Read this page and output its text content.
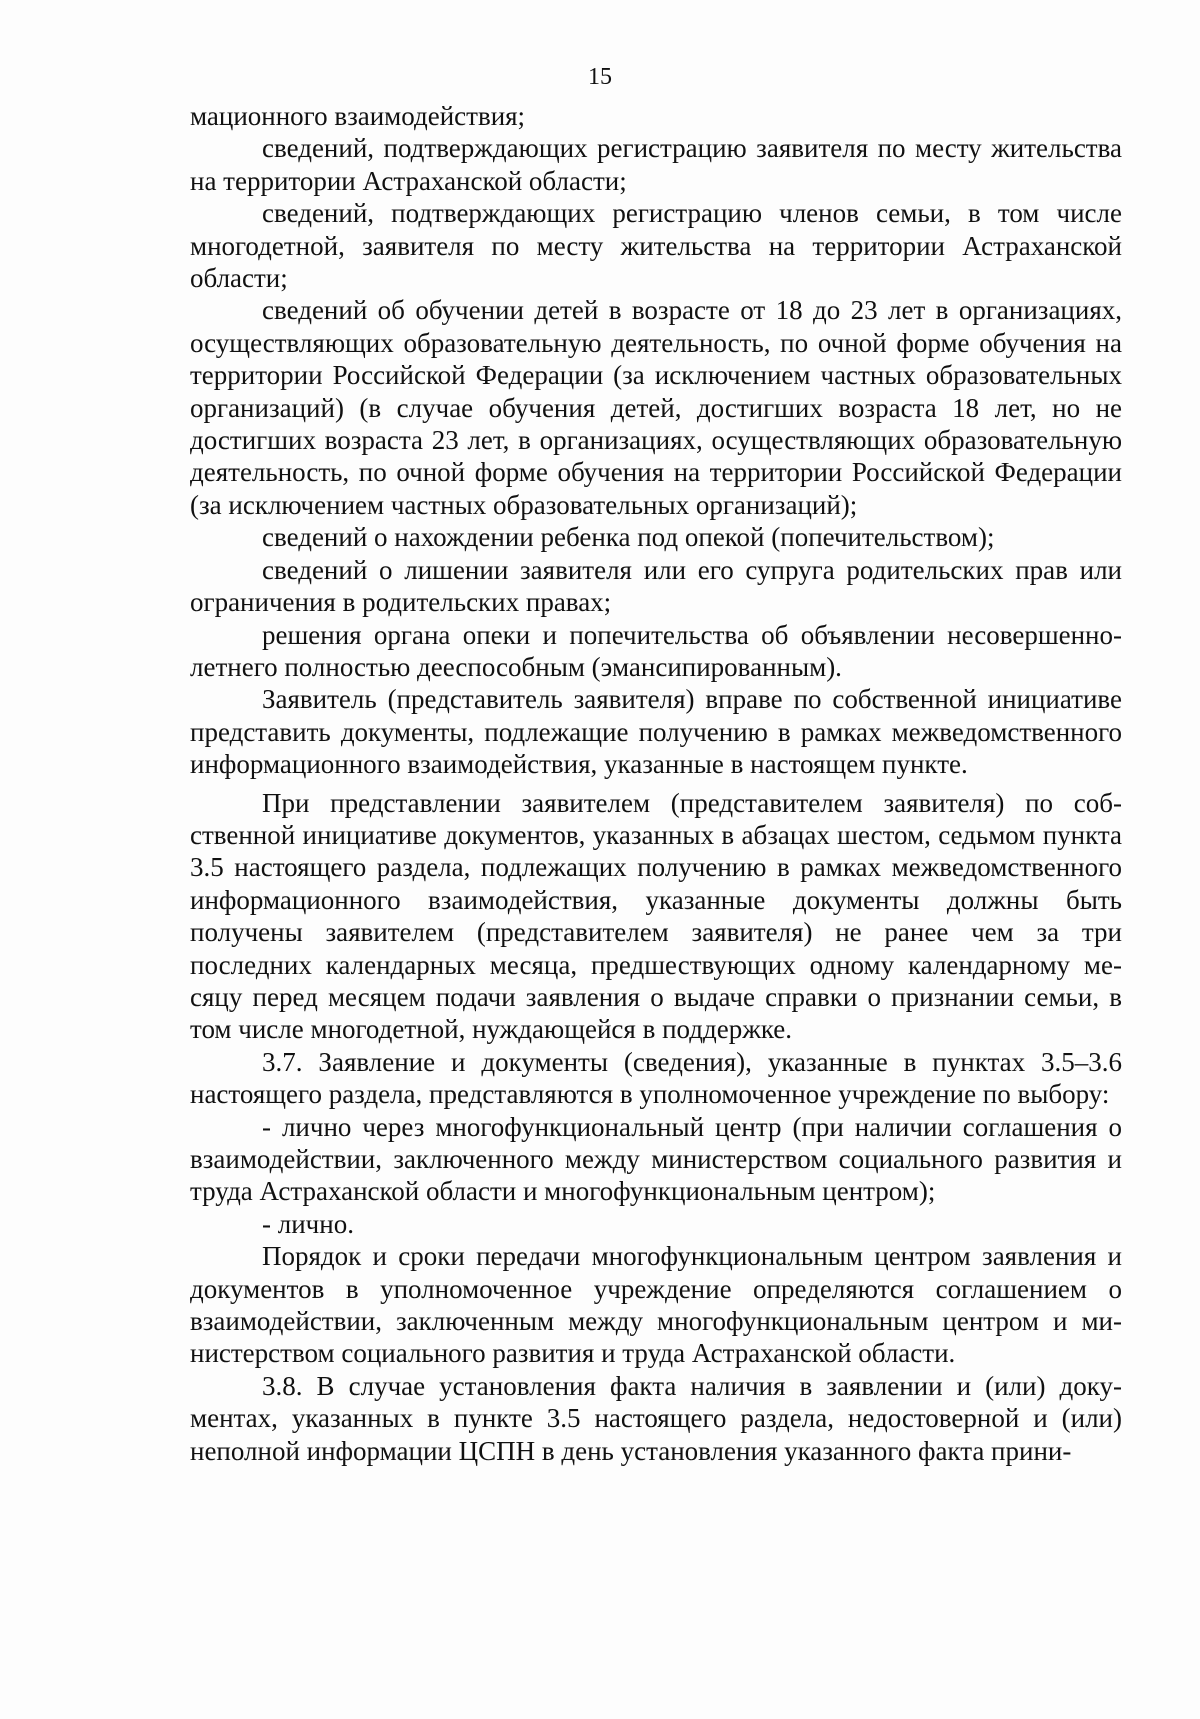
15

мационного взаимодействия;

сведений, подтверждающих регистрацию заявителя по месту жительства на территории Астраханской области;

сведений, подтверждающих регистрацию членов семьи, в том числе многодетной, заявителя по месту жительства на территории Астраханской области;

сведений об обучении детей в возрасте от 18 до 23 лет в организациях, осуществляющих образовательную деятельность, по очной форме обучения на территории Российской Федерации (за исключением частных образовательных организаций) (в случае обучения детей, достигших возраста 18 лет, но не достигших возраста 23 лет, в организациях, осуществляющих образовательную деятельность, по очной форме обучения на территории Российской Федерации (за исключением частных образовательных организаций);

сведений о нахождении ребенка под опекой (попечительством);

сведений о лишении заявителя или его супруга родительских прав или ограничения в родительских правах;

решения органа опеки и попечительства об объявлении несовершеннолетнего полностью дееспособным (эмансипированным).

Заявитель (представитель заявителя) вправе по собственной инициативе представить документы, подлежащие получению в рамках межведомственного информационного взаимодействия, указанные в настоящем пункте.

При представлении заявителем (представителем заявителя) по собственной инициативе документов, указанных в абзацах шестом, седьмом пункта 3.5 настоящего раздела, подлежащих получению в рамках межведомственного информационного взаимодействия, указанные документы должны быть получены заявителем (представителем заявителя) не ранее чем за три последних календарных месяца, предшествующих одному календарному месяцу перед месяцем подачи заявления о выдаче справки о признании семьи, в том числе многодетной, нуждающейся в поддержке.

3.7. Заявление и документы (сведения), указанные в пунктах 3.5–3.6 настоящего раздела, представляются в уполномоченное учреждение по выбору:

- лично через многофункциональный центр (при наличии соглашения о взаимодействии, заключенного между министерством социального развития и труда Астраханской области и многофункциональным центром);

- лично.

Порядок и сроки передачи многофункциональным центром заявления и документов в уполномоченное учреждение определяются соглашением о взаимодействии, заключенным между многофункциональным центром и министерством социального развития и труда Астраханской области.

3.8. В случае установления факта наличия в заявлении и (или) документах, указанных в пункте 3.5 настоящего раздела, недостоверной и (или) неполной информации ЦСПН в день установления указанного факта прини-
